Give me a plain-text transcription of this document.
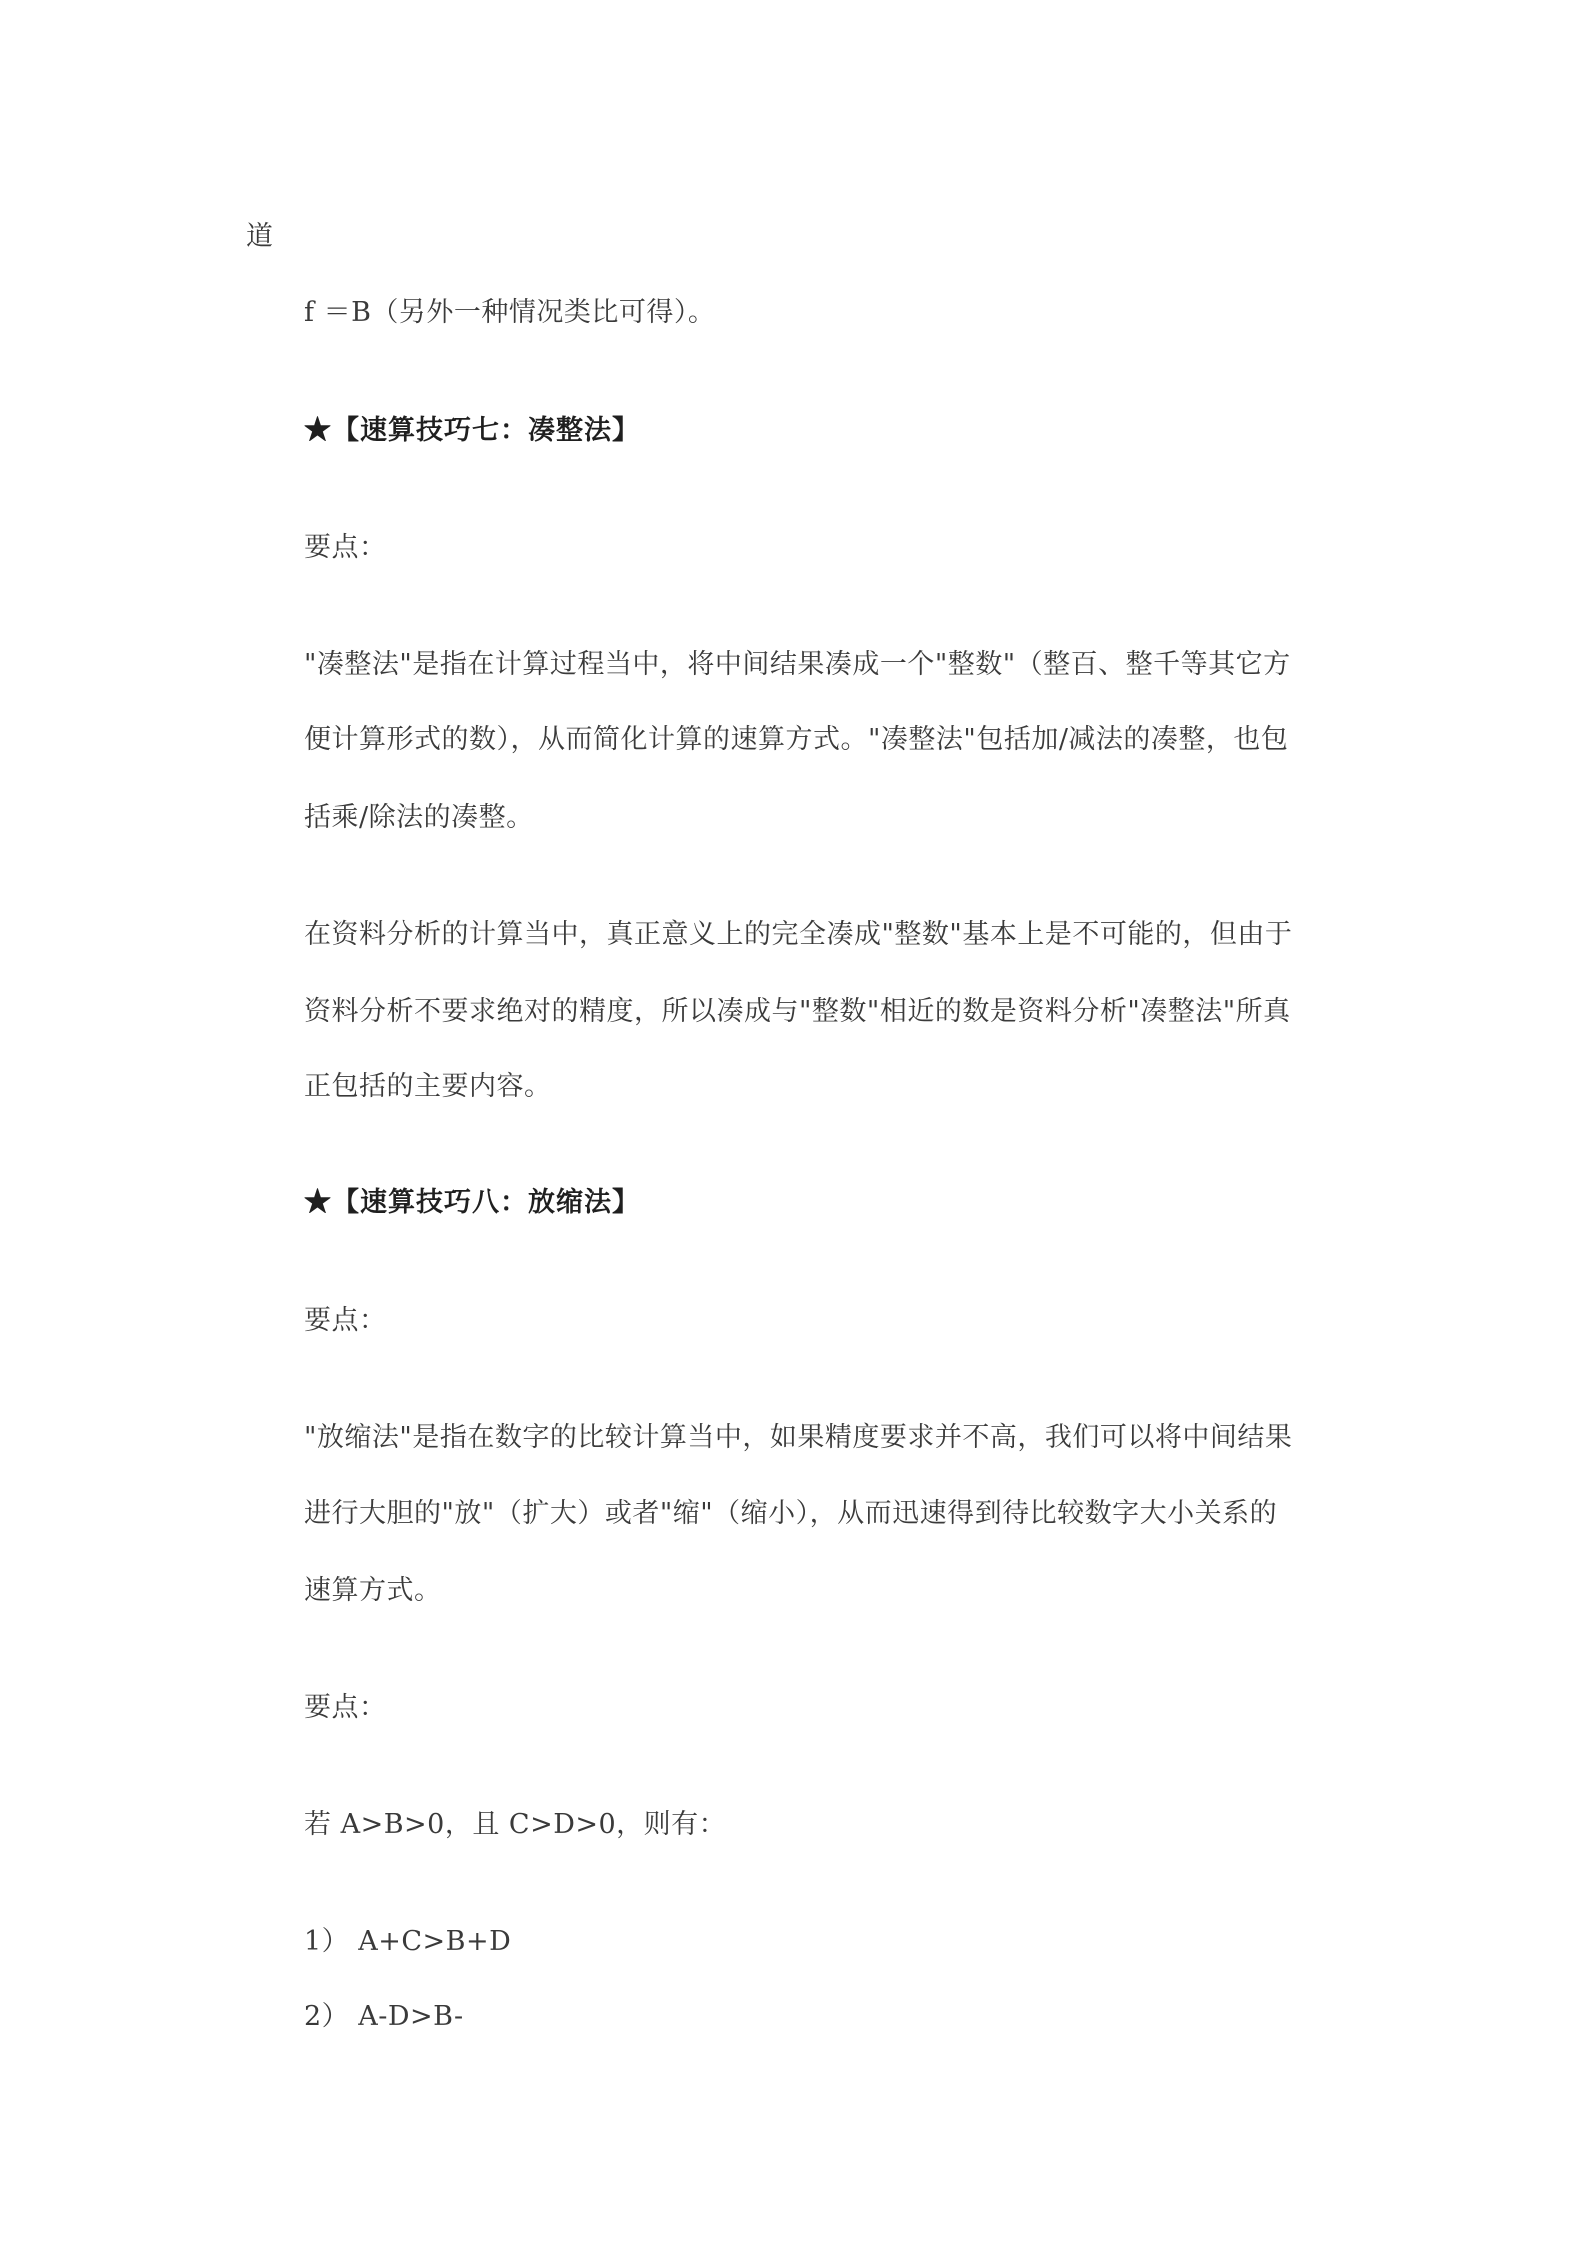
道
f ＝B（另外一种情况类比可得）。
★【速算技巧七：凑整法】
要点：
"凑整法"是指在计算过程当中，将中间结果凑成一个"整数"（整百、整千等其它方
便计算形式的数），从而简化计算的速算方式。"凑整法"包括加/减法的凑整，也包
括乘/除法的凑整。
在资料分析的计算当中，真正意义上的完全凑成"整数"基本上是不可能的，但由于
资料分析不要求绝对的精度，所以凑成与"整数"相近的数是资料分析"凑整法"所真
正包括的主要内容。
★【速算技巧八：放缩法】
要点：
"放缩法"是指在数字的比较计算当中，如果精度要求并不高，我们可以将中间结果
进行大胆的"放"（扩大）或者"缩"（缩小），从而迅速得到待比较数字大小关系的
速算方式。
要点：
若 A>B>0，且 C>D>0，则有：
1） A+C>B+D
2） A-D>B-
